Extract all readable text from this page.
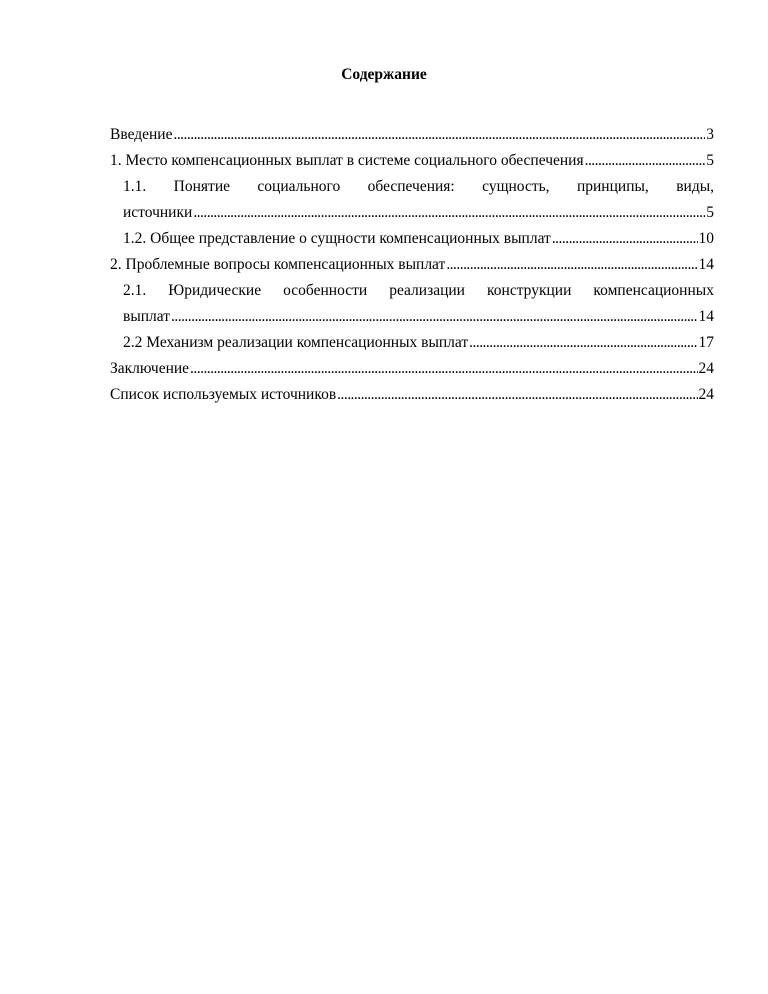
Содержание
Введение . . .	3
1. Место компенсационных выплат в системе социального обеспечения . . .	5
1.1. Понятие социального обеспечения: сущность, принципы, виды,
источники . . .	5
1.2. Общее представление о сущности компенсационных выплат . . .	10
2. Проблемные вопросы компенсационных выплат . . .	14
2.1. Юридические особенности реализации конструкции компенсационных
выплат . . .	14
2.2 Механизм реализации компенсационных выплат . . .	17
Заключение . . .	24
Список используемых источников . . .	24
